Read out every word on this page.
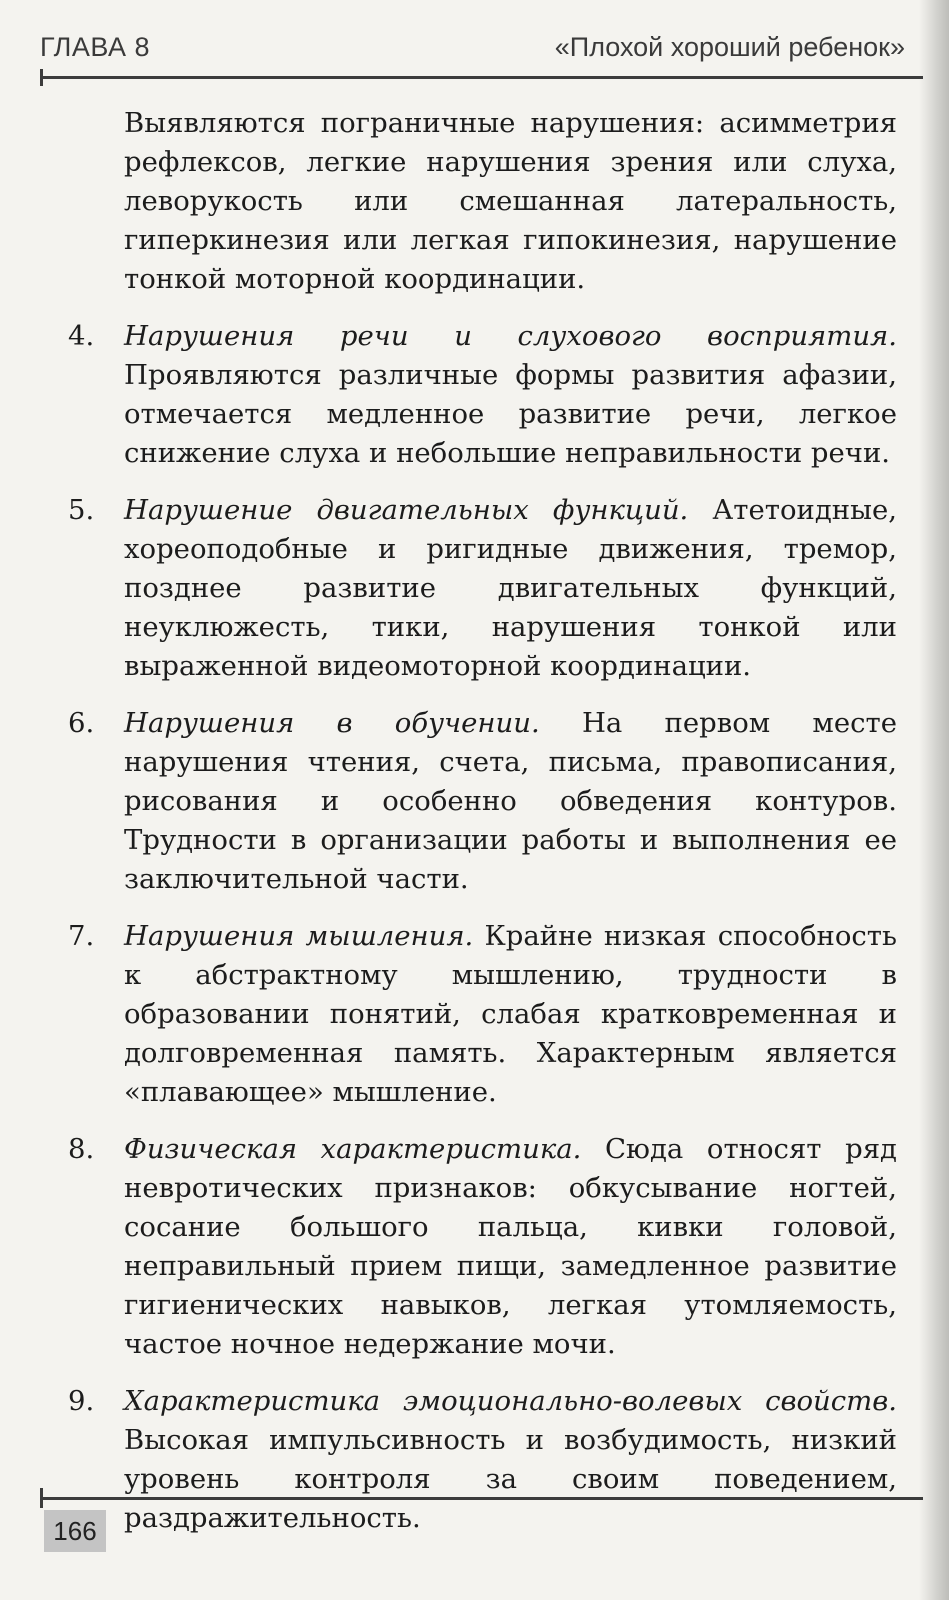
ГЛАВА 8	«Плохой хороший ребенок»

Выявляются пограничные нарушения: асимметрия рефлексов, легкие нарушения зрения или слуха, леворукость или смешанная латеральность, гиперкинезия или легкая гипокинезия, нарушение тонкой моторной координации.

4.	Нарушения речи и слухового восприятия. Проявляются различные формы развития афазии, отмечается медленное развитие речи, легкое снижение слуха и небольшие неправильности речи.
5.	Нарушение двигательных функций. Атетоидные, хореоподобные и ригидные движения, тремор, позднее развитие двигательных функций, неуклюжесть, тики, нарушения тонкой или выраженной видеомоторной координации.
6.	Нарушения в обучении. На первом месте нарушения чтения, счета, письма, правописания, рисования и особенно обведения контуров. Трудности в организации работы и выполнения ее заключительной части.
7.	Нарушения мышления. Крайне низкая способность к абстрактному мышлению, трудности в образовании понятий, слабая кратковременная и долговременная память. Характерным является «плавающее» мышление.
8.	Физическая характеристика. Сюда относят ряд невротических признаков: обкусывание ногтей, сосание большого пальца, кивки головой, неправильный прием пищи, замедленное развитие гигиенических навыков, легкая утомляемость, частое ночное недержание мочи.
9.	Характеристика эмоционально-волевых свойств. Высокая импульсивность и возбудимость, низкий уровень контроля за своим поведением, раздражительность.
166
